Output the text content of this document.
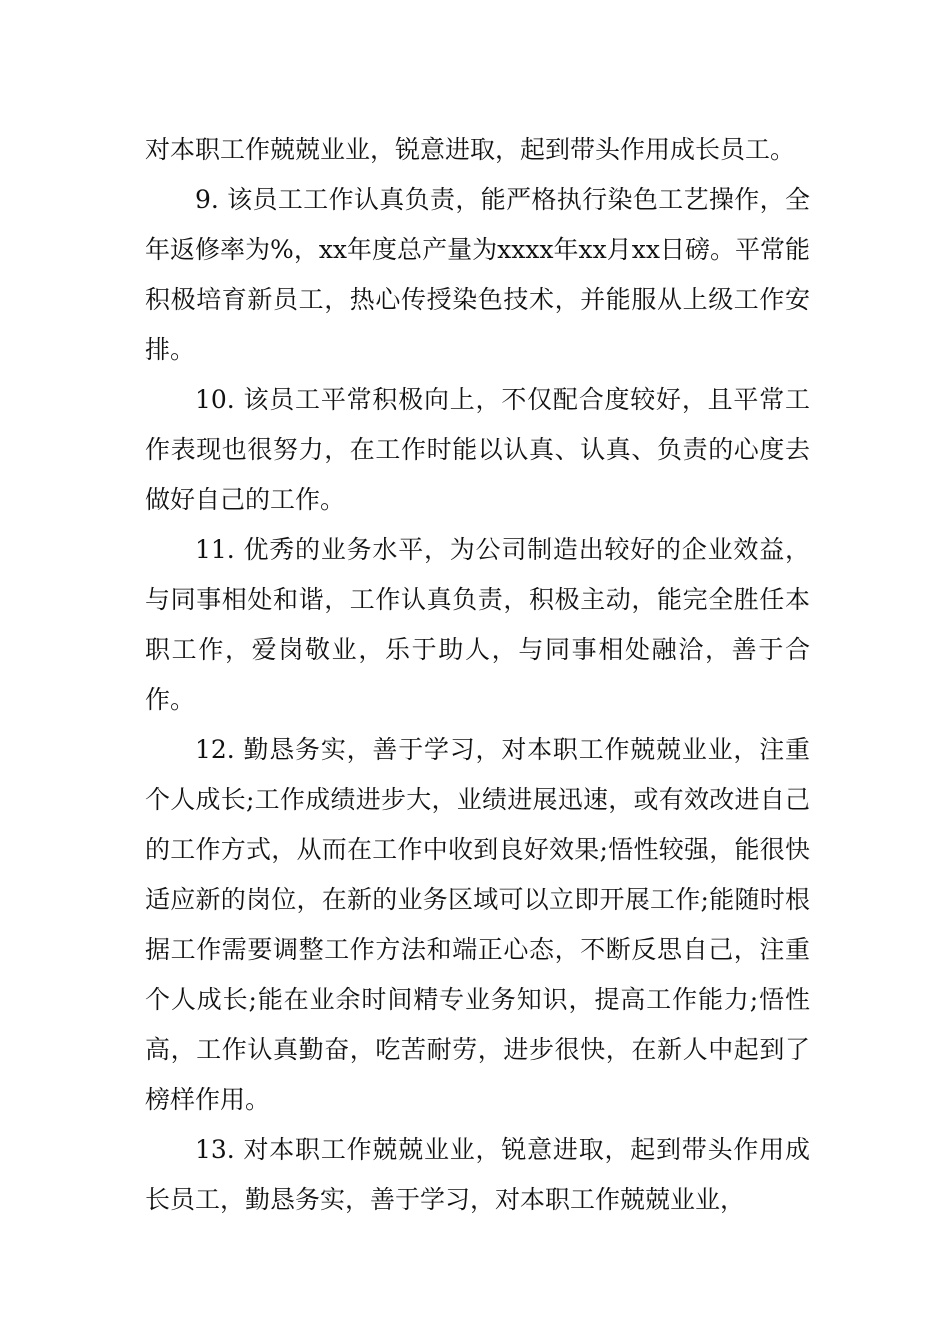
对本职工作兢兢业业，锐意进取，起到带头作用成长员工。

9. 该员工工作认真负责，能严格执行染色工艺操作，全年返修率为%，xx年度总产量为xxxx年xx月xx日磅。平常能积极培育新员工，热心传授染色技术，并能服从上级工作安排。

10. 该员工平常积极向上，不仅配合度较好，且平常工作表现也很努力，在工作时能以认真、认真、负责的心度去做好自己的工作。

11. 优秀的业务水平，为公司制造出较好的企业效益，与同事相处和谐，工作认真负责，积极主动，能完全胜任本职工作，爱岗敬业，乐于助人，与同事相处融洽，善于合作。

12. 勤恳务实，善于学习，对本职工作兢兢业业，注重个人成长;工作成绩进步大，业绩进展迅速，或有效改进自己的工作方式，从而在工作中收到良好效果;悟性较强，能很快适应新的岗位，在新的业务区域可以立即开展工作;能随时根据工作需要调整工作方法和端正心态，不断反思自己，注重个人成长;能在业余时间精专业务知识，提高工作能力;悟性高，工作认真勤奋，吃苦耐劳，进步很快，在新人中起到了榜样作用。

13. 对本职工作兢兢业业，锐意进取，起到带头作用成长员工，勤恳务实，善于学习，对本职工作兢兢业业，
